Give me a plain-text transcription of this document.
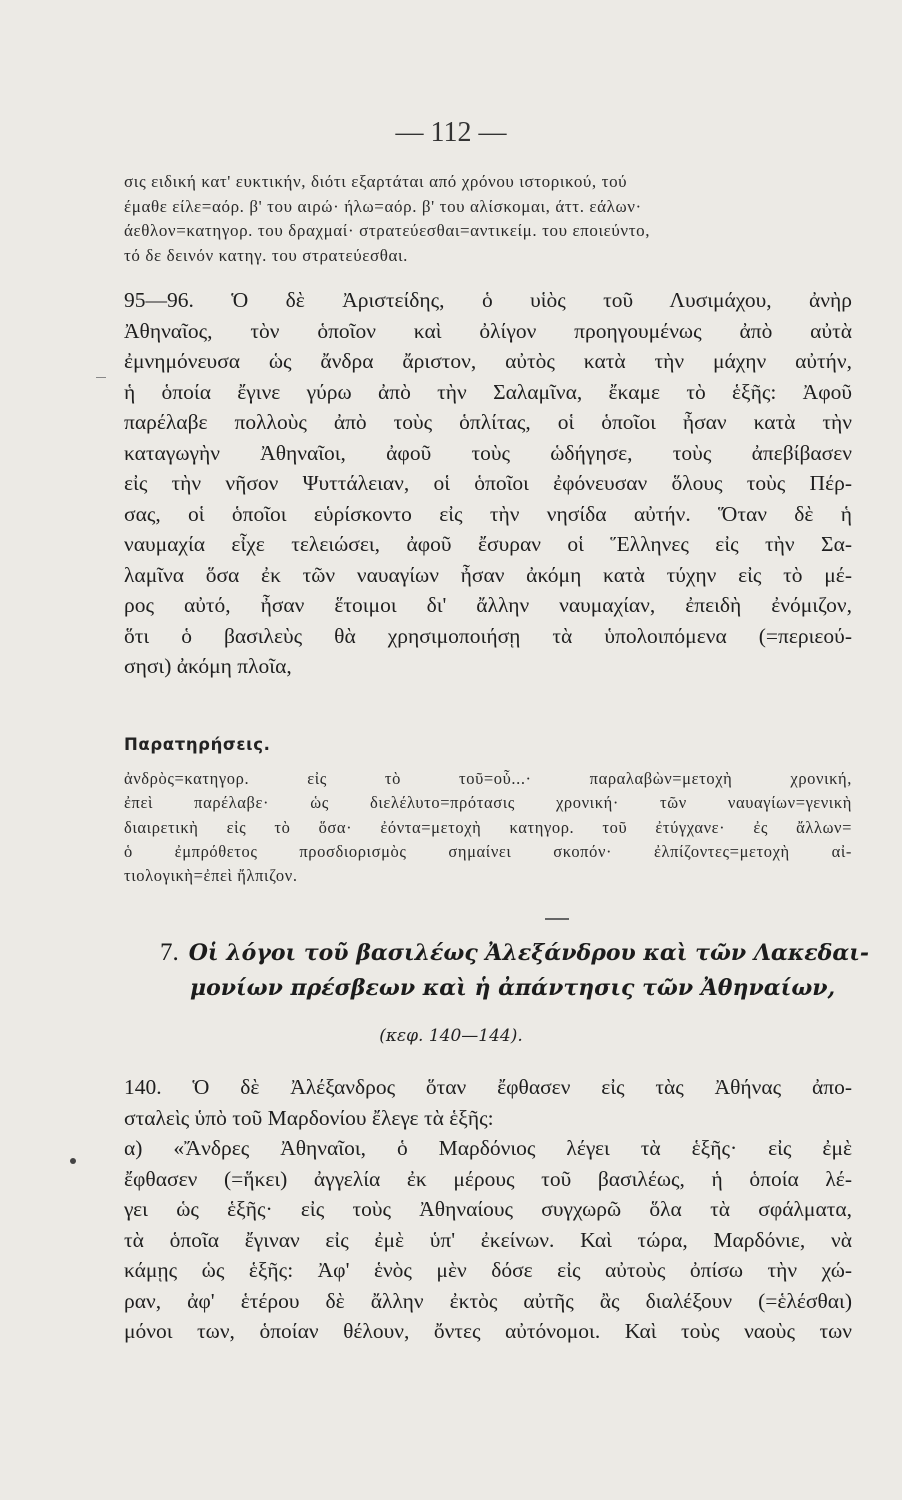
— 112 —
σις ειδική κατ' ευκτικήν, διότι εξαρτάται από χρόνου ιστορικού, τού
έμαθε είλε=αόρ. β' του αιρώ· ήλω=αόρ. β' του αλίσκομαι, άττ. εάλων·
άεθλον=κατηγορ. του δραχμαί· στρατεύεσθαι=αντικείμ. του εποιεύντο,
τό δε δεινόν κατηγ. του στρατεύεσθαι.
95—96. Ὁ δὲ Ἀριστείδης, ὁ υἱὸς τοῦ Λυσιμάχου, ἀνὴρ
Ἀθηναῖος, τὸν ὁποῖον καὶ ὀλίγον προηγουμένως ἀπὸ αὐτὰ
ἐμνημόνευσα ὡς ἄνδρα ἄριστον, αὐτὸς κατὰ τὴν μάχην αὐτήν,
ἡ ὁποία ἔγινε γύρω ἀπὸ τὴν Σαλαμῖνα, ἔκαμε τὸ ἑξῆς: Ἀφοῦ
παρέλαβε πολλοὺς ἀπὸ τοὺς ὁπλίτας, οἱ ὁποῖοι ἦσαν κατὰ τὴν
καταγωγὴν Ἀθηναῖοι, ἀφοῦ τοὺς ὡδήγησε, τοὺς ἀπεβίβασεν
εἰς τὴν νῆσον Ψυττάλειαν, οἱ ὁποῖοι ἐφόνευσαν ὅλους τοὺς Πέρ-
σας, οἱ ὁποῖοι εὑρίσκοντο εἰς τὴν νησίδα αὐτήν. Ὅταν δὲ ἡ
ναυμαχία εἶχε τελειώσει, ἀφοῦ ἔσυραν οἱ Ἕλληνες εἰς τὴν Σα-
λαμῖνα ὅσα ἐκ τῶν ναυαγίων ἦσαν ἀκόμη κατὰ τύχην εἰς τὸ μέ-
ρος αὐτό, ἦσαν ἕτοιμοι δι' ἄλλην ναυμαχίαν, ἐπειδὴ ἐνόμιζον,
ὅτι ὁ βασιλεὺς θὰ χρησιμοποιήσῃ τὰ ὑπολοιπόμενα (=περιεού-
σησι) ἀκόμη πλοῖα,
Παρατηρήσεις.
ἀνδρὸς=κατηγορ. εἰς τὸ τοῦ=οὗ...· παραλαβὼν=μετοχὴ χρονική,
ἐπεὶ παρέλαβε· ὡς διελέλυτο=πρότασις χρονική· τῶν ναυαγίων=γενικὴ
διαιρετικὴ εἰς τὸ ὅσα· ἐόντα=μετοχὴ κατηγορ. τοῦ ἐτύγχανε· ἐς ἄλλων=
ὁ ἐμπρόθετος προσδιορισμὸς σημαίνει σκοπόν· ἐλπίζοντες=μετοχὴ αἰ-
τιολογικὴ=ἐπεὶ ἤλπιζον.
7. Οἱ λόγοι τοῦ βασιλέως Ἀλεξάνδρου καὶ τῶν Λακεδαι-
μονίων πρέσβεων καὶ ἡ ἀπάντησις τῶν Ἀθηναίων,
(κεφ. 140—144).
140. Ὁ δὲ Ἀλέξανδρος ὅταν ἔφθασεν εἰς τὰς Ἀθήνας ἀπο-
σταλεὶς ὑπὸ τοῦ Μαρδονίου ἔλεγε τὰ ἑξῆς:
α) «Ἄνδρες Ἀθηναῖοι, ὁ Μαρδόνιος λέγει τὰ ἑξῆς· εἰς ἐμὲ
ἔφθασεν (=ἥκει) ἀγγελία ἐκ μέρους τοῦ βασιλέως, ἡ ὁποία λέ-
γει ὡς ἑξῆς· εἰς τοὺς Ἀθηναίους συγχωρῶ ὅλα τὰ σφάλματα,
τὰ ὁποῖα ἔγιναν εἰς ἐμὲ ὑπ' ἐκείνων. Καὶ τώρα, Μαρδόνιε, νὰ
κάμῃς ὡς ἑξῆς: Ἀφ' ἑνὸς μὲν δόσε εἰς αὐτοὺς ὀπίσω τὴν χώ-
ραν, ἀφ' ἑτέρου δὲ ἄλλην ἐκτὸς αὐτῆς ἂς διαλέξουν (=ἑλέσθαι)
μόνοι των, ὁποίαν θέλουν, ὄντες αὐτόνομοι. Καὶ τοὺς ναοὺς των
